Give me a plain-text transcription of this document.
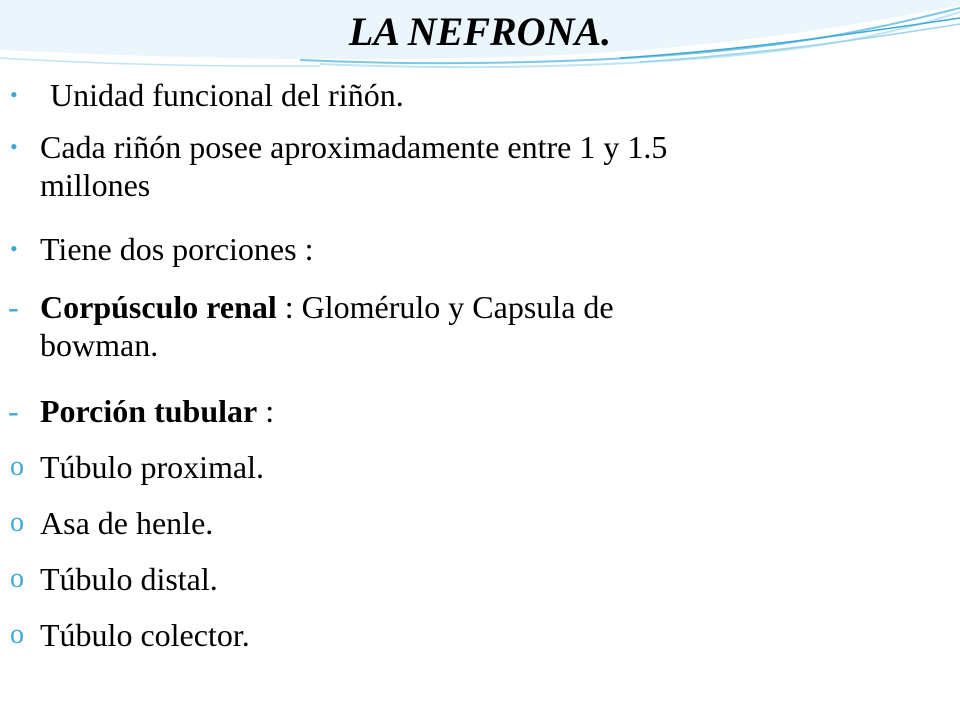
LA NEFRONA.
•	Unidad funcional del riñón.
• Cada riñón posee aproximadamente entre 1 y 1.5
millones
• Tiene dos porciones :
- Corpúsculo renal : Glomérulo y Capsula de
bowman.
- Porción tubular :
o Túbulo proximal.
o Asa de henle.
o Túbulo distal.
o Túbulo colector.
